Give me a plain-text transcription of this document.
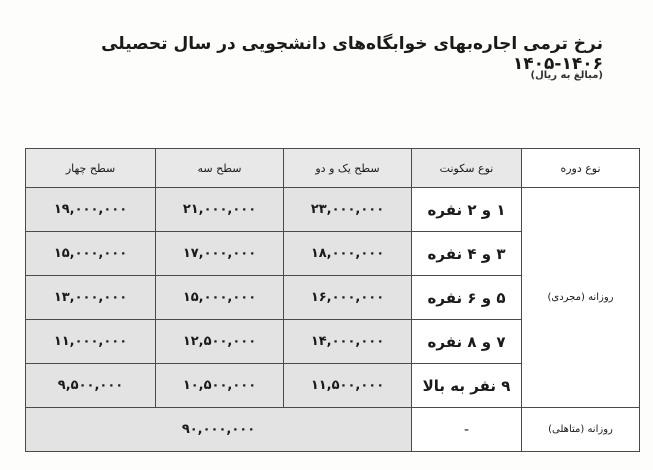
نرخ ترمی اجاره‌بهای خوابگاه‌های دانشجویی در سال تحصیلی ۱۴۰۶-۱۴۰۵
(مبالغ به ریال)
نوع دوره	نوع سکونت	سطح یک و دو	سطح سه	سطح چهار
روزانه (مجردی)	۱ و ۲ نفره	۲۳,۰۰۰,۰۰۰	۲۱,۰۰۰,۰۰۰	۱۹,۰۰۰,۰۰۰
	۳ و ۴ نفره	۱۸,۰۰۰,۰۰۰	۱۷,۰۰۰,۰۰۰	۱۵,۰۰۰,۰۰۰
	۵ و ۶ نفره	۱۶,۰۰۰,۰۰۰	۱۵,۰۰۰,۰۰۰	۱۳,۰۰۰,۰۰۰
	۷ و ۸ نفره	۱۴,۰۰۰,۰۰۰	۱۲,۵۰۰,۰۰۰	۱۱,۰۰۰,۰۰۰
	۹ نفر به بالا	۱۱,۵۰۰,۰۰۰	۱۰,۵۰۰,۰۰۰	۹,۵۰۰,۰۰۰
روزانه (متاهلی)	-	۹۰,۰۰۰,۰۰۰		
